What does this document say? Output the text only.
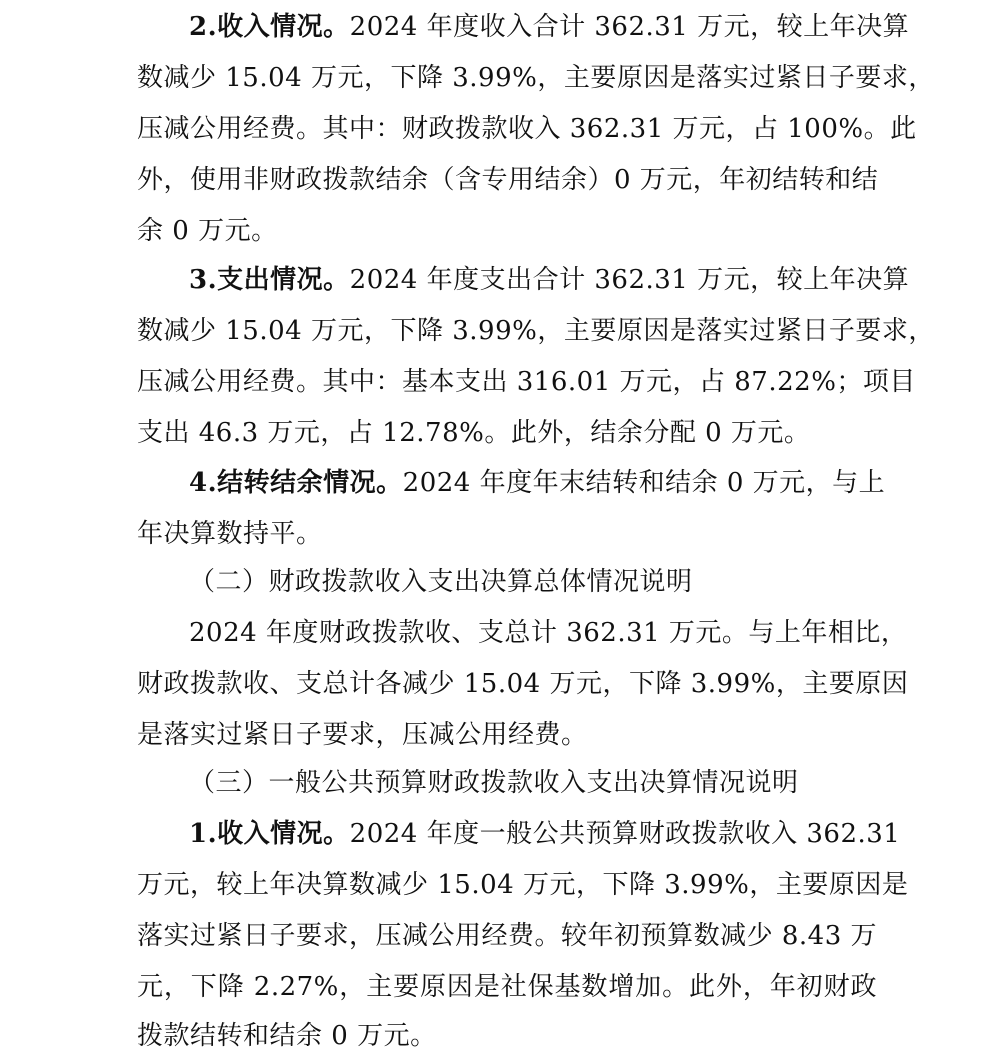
2.收入情况。2024 年度收入合计 362.31 万元，较上年决算
数减少 15.04 万元，下降 3.99%，主要原因是落实过紧日子要求，
压减公用经费。其中：财政拨款收入 362.31 万元，占 100%。此
外，使用非财政拨款结余（含专用结余）0 万元，年初结转和结
余 0 万元。
3.支出情况。2024 年度支出合计 362.31 万元，较上年决算
数减少 15.04 万元，下降 3.99%，主要原因是落实过紧日子要求，
压减公用经费。其中：基本支出 316.01 万元，占 87.22%；项目
支出 46.3 万元，占 12.78%。此外，结余分配 0 万元。
4.结转结余情况。2024 年度年末结转和结余 0 万元，与上
年决算数持平。
（二）财政拨款收入支出决算总体情况说明
2024 年度财政拨款收、支总计 362.31 万元。与上年相比，
财政拨款收、支总计各减少 15.04 万元，下降 3.99%，主要原因
是落实过紧日子要求，压减公用经费。
（三）一般公共预算财政拨款收入支出决算情况说明
1.收入情况。2024 年度一般公共预算财政拨款收入 362.31
万元，较上年决算数减少 15.04 万元，下降 3.99%，主要原因是
落实过紧日子要求，压减公用经费。较年初预算数减少 8.43 万
元，下降 2.27%，主要原因是社保基数增加。此外，年初财政
拨款结转和结余 0 万元。
